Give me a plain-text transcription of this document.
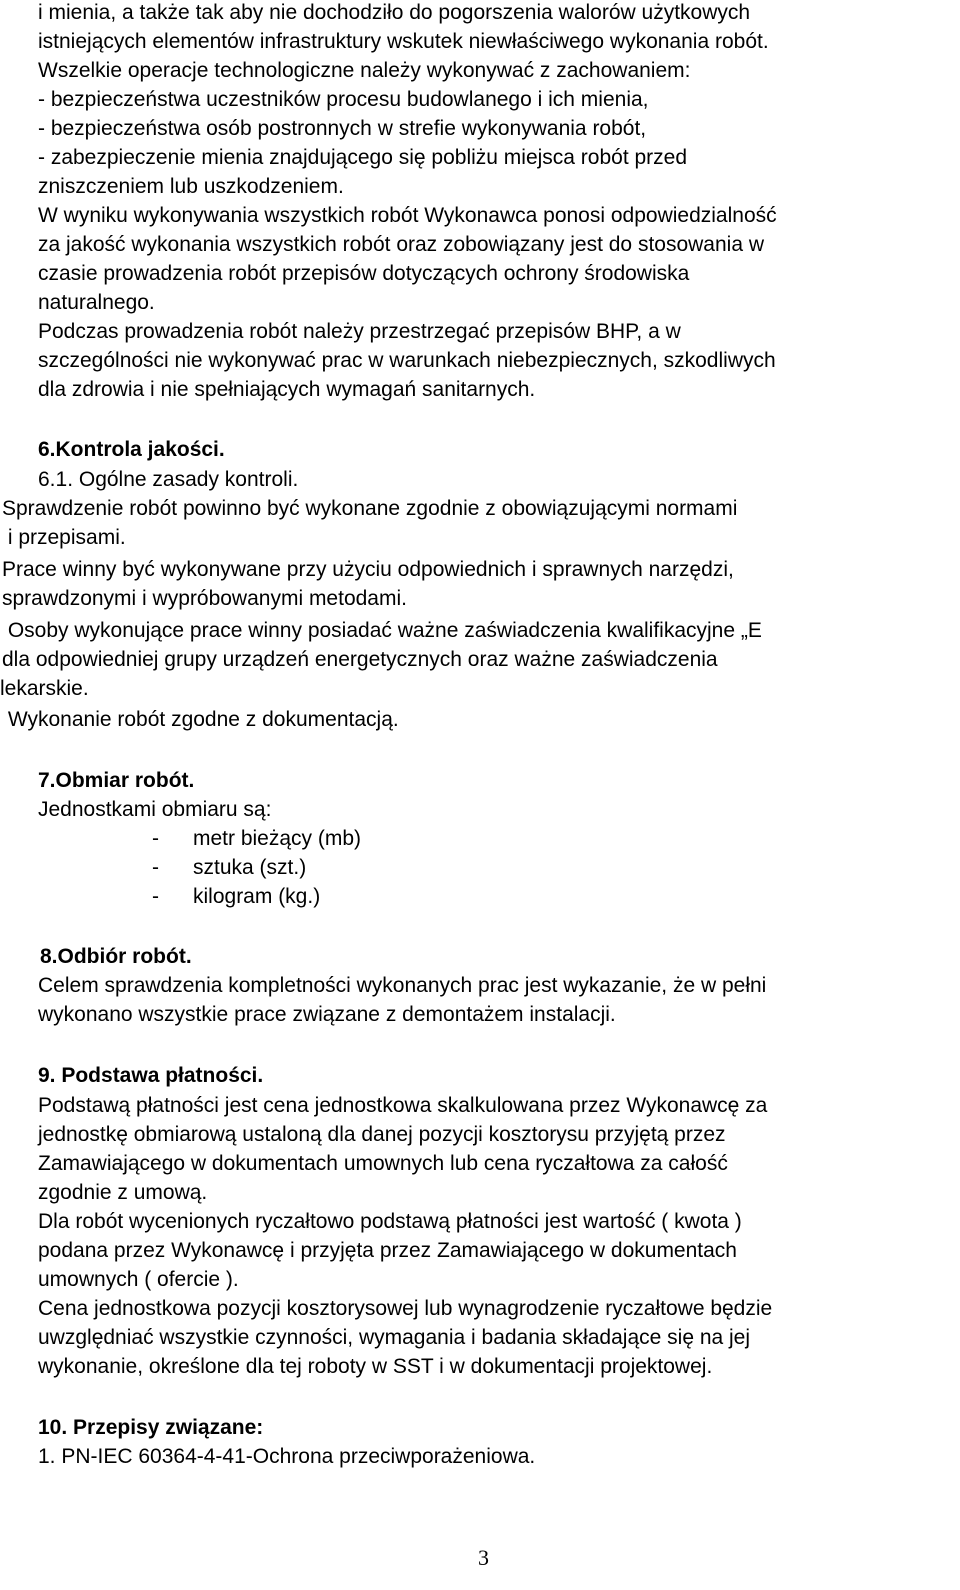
i mienia, a także tak aby nie dochodziło do pogorszenia walorów użytkowych

istniejących elementów infrastruktury wskutek niewłaściwego wykonania robót.

Wszelkie operacje technologiczne należy wykonywać z zachowaniem:

- bezpieczeństwa uczestników procesu budowlanego i ich mienia,

- bezpieczeństwa osób postronnych w strefie wykonywania robót,

- zabezpieczenie mienia znajdującego się pobliżu miejsca robót przed

zniszczeniem lub uszkodzeniem.

W wyniku wykonywania wszystkich robót Wykonawca ponosi odpowiedzialność

za jakość wykonania wszystkich robót oraz zobowiązany jest do stosowania w

czasie prowadzenia robót przepisów dotyczących ochrony środowiska

naturalnego.

Podczas prowadzenia robót należy przestrzegać przepisów BHP, a w

szczególności nie wykonywać prac w warunkach niebezpiecznych, szkodliwych

dla zdrowia i nie spełniających wymagań sanitarnych.

6.Kontrola jakości.

6.1. Ogólne zasady kontroli.

Sprawdzenie robót powinno być wykonane zgodnie z obowiązującymi normami

i przepisami.

Prace winny być wykonywane przy użyciu odpowiednich i sprawnych narzędzi,

sprawdzonymi i wypróbowanymi metodami.

Osoby wykonujące prace winny posiadać ważne zaświadczenia kwalifikacyjne „E

dla odpowiedniej grupy urządzeń energetycznych oraz ważne zaświadczenia

lekarskie.

Wykonanie robót zgodne z dokumentacją.

7.Obmiar robót.

Jednostkami obmiaru są:

- metr bieżący (mb)

- sztuka (szt.)

- kilogram (kg.)

8.Odbiór robót.

Celem sprawdzenia kompletności wykonanych prac jest wykazanie, że w pełni

wykonano wszystkie prace związane z demontażem instalacji.

9. Podstawa płatności.

Podstawą płatności jest cena jednostkowa skalkulowana przez Wykonawcę za

jednostkę obmiarową ustaloną dla danej pozycji kosztorysu przyjętą przez

Zamawiającego w dokumentach umownych lub cena ryczałtowa za całość

zgodnie z umową.

Dla robót wycenionych ryczałtowo podstawą płatności jest wartość ( kwota )

podana przez Wykonawcę i przyjęta przez Zamawiającego w dokumentach

umownych ( ofercie ).

Cena jednostkowa pozycji kosztorysowej lub wynagrodzenie ryczałtowe będzie

uwzględniać wszystkie czynności, wymagania i badania składające się na jej

wykonanie, określone dla tej roboty w SST i w dokumentacji projektowej.

10. Przepisy związane:

1. PN-IEC 60364-4-41-Ochrona przeciwporażeniowa.

3
